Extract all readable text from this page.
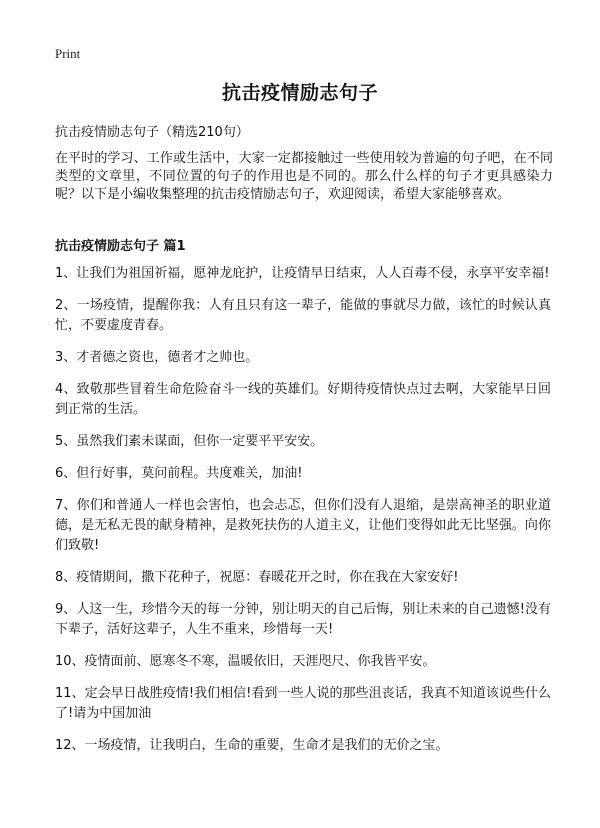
Print
抗击疫情励志句子

抗击疫情励志句子（精选210句）

在平时的学习、工作或生活中，大家一定都接触过一些使用较为普遍的句子吧，在不同类型的文章里，不同位置的句子的作用也是不同的。那么什么样的句子才更具感染力呢？以下是小编收集整理的抗击疫情励志句子，欢迎阅读，希望大家能够喜欢。

抗击疫情励志句子 篇1
1、让我们为祖国祈福，愿神龙庇护，让疫情早日结束，人人百毒不侵，永享平安幸福!
2、一场疫情，提醒你我：人有且只有这一辈子，能做的事就尽力做，该忙的时候认真忙，不要虚度青春。
3、才者德之资也，德者才之帅也。
4、致敬那些冒着生命危险奋斗一线的英雄们。好期待疫情快点过去啊，大家能早日回到正常的生活。
5、虽然我们素未谋面，但你一定要平平安安。
6、但行好事，莫问前程。共度难关，加油!
7、你们和普通人一样也会害怕，也会忐忑，但你们没有人退缩，是崇高神圣的职业道德，是无私无畏的献身精神，是救死扶伤的人道主义，让他们变得如此无比坚强。向你们致敬!
8、疫情期间，撒下花种子，祝愿：春暖花开之时，你在我在大家安好!
9、人这一生，珍惜今天的每一分钟，别让明天的自己后悔，别让未来的自己遗憾!没有下辈子，活好这辈子，人生不重来，珍惜每一天!
10、疫情面前、愿寒冬不寒，温暖依旧，天涯咫尺、你我皆平安。
11、定会早日战胜疫情!我们相信!看到一些人说的那些沮丧话，我真不知道该说些什么了!请为中国加油
12、一场疫情，让我明白，生命的重要，生命才是我们的无价之宝。
